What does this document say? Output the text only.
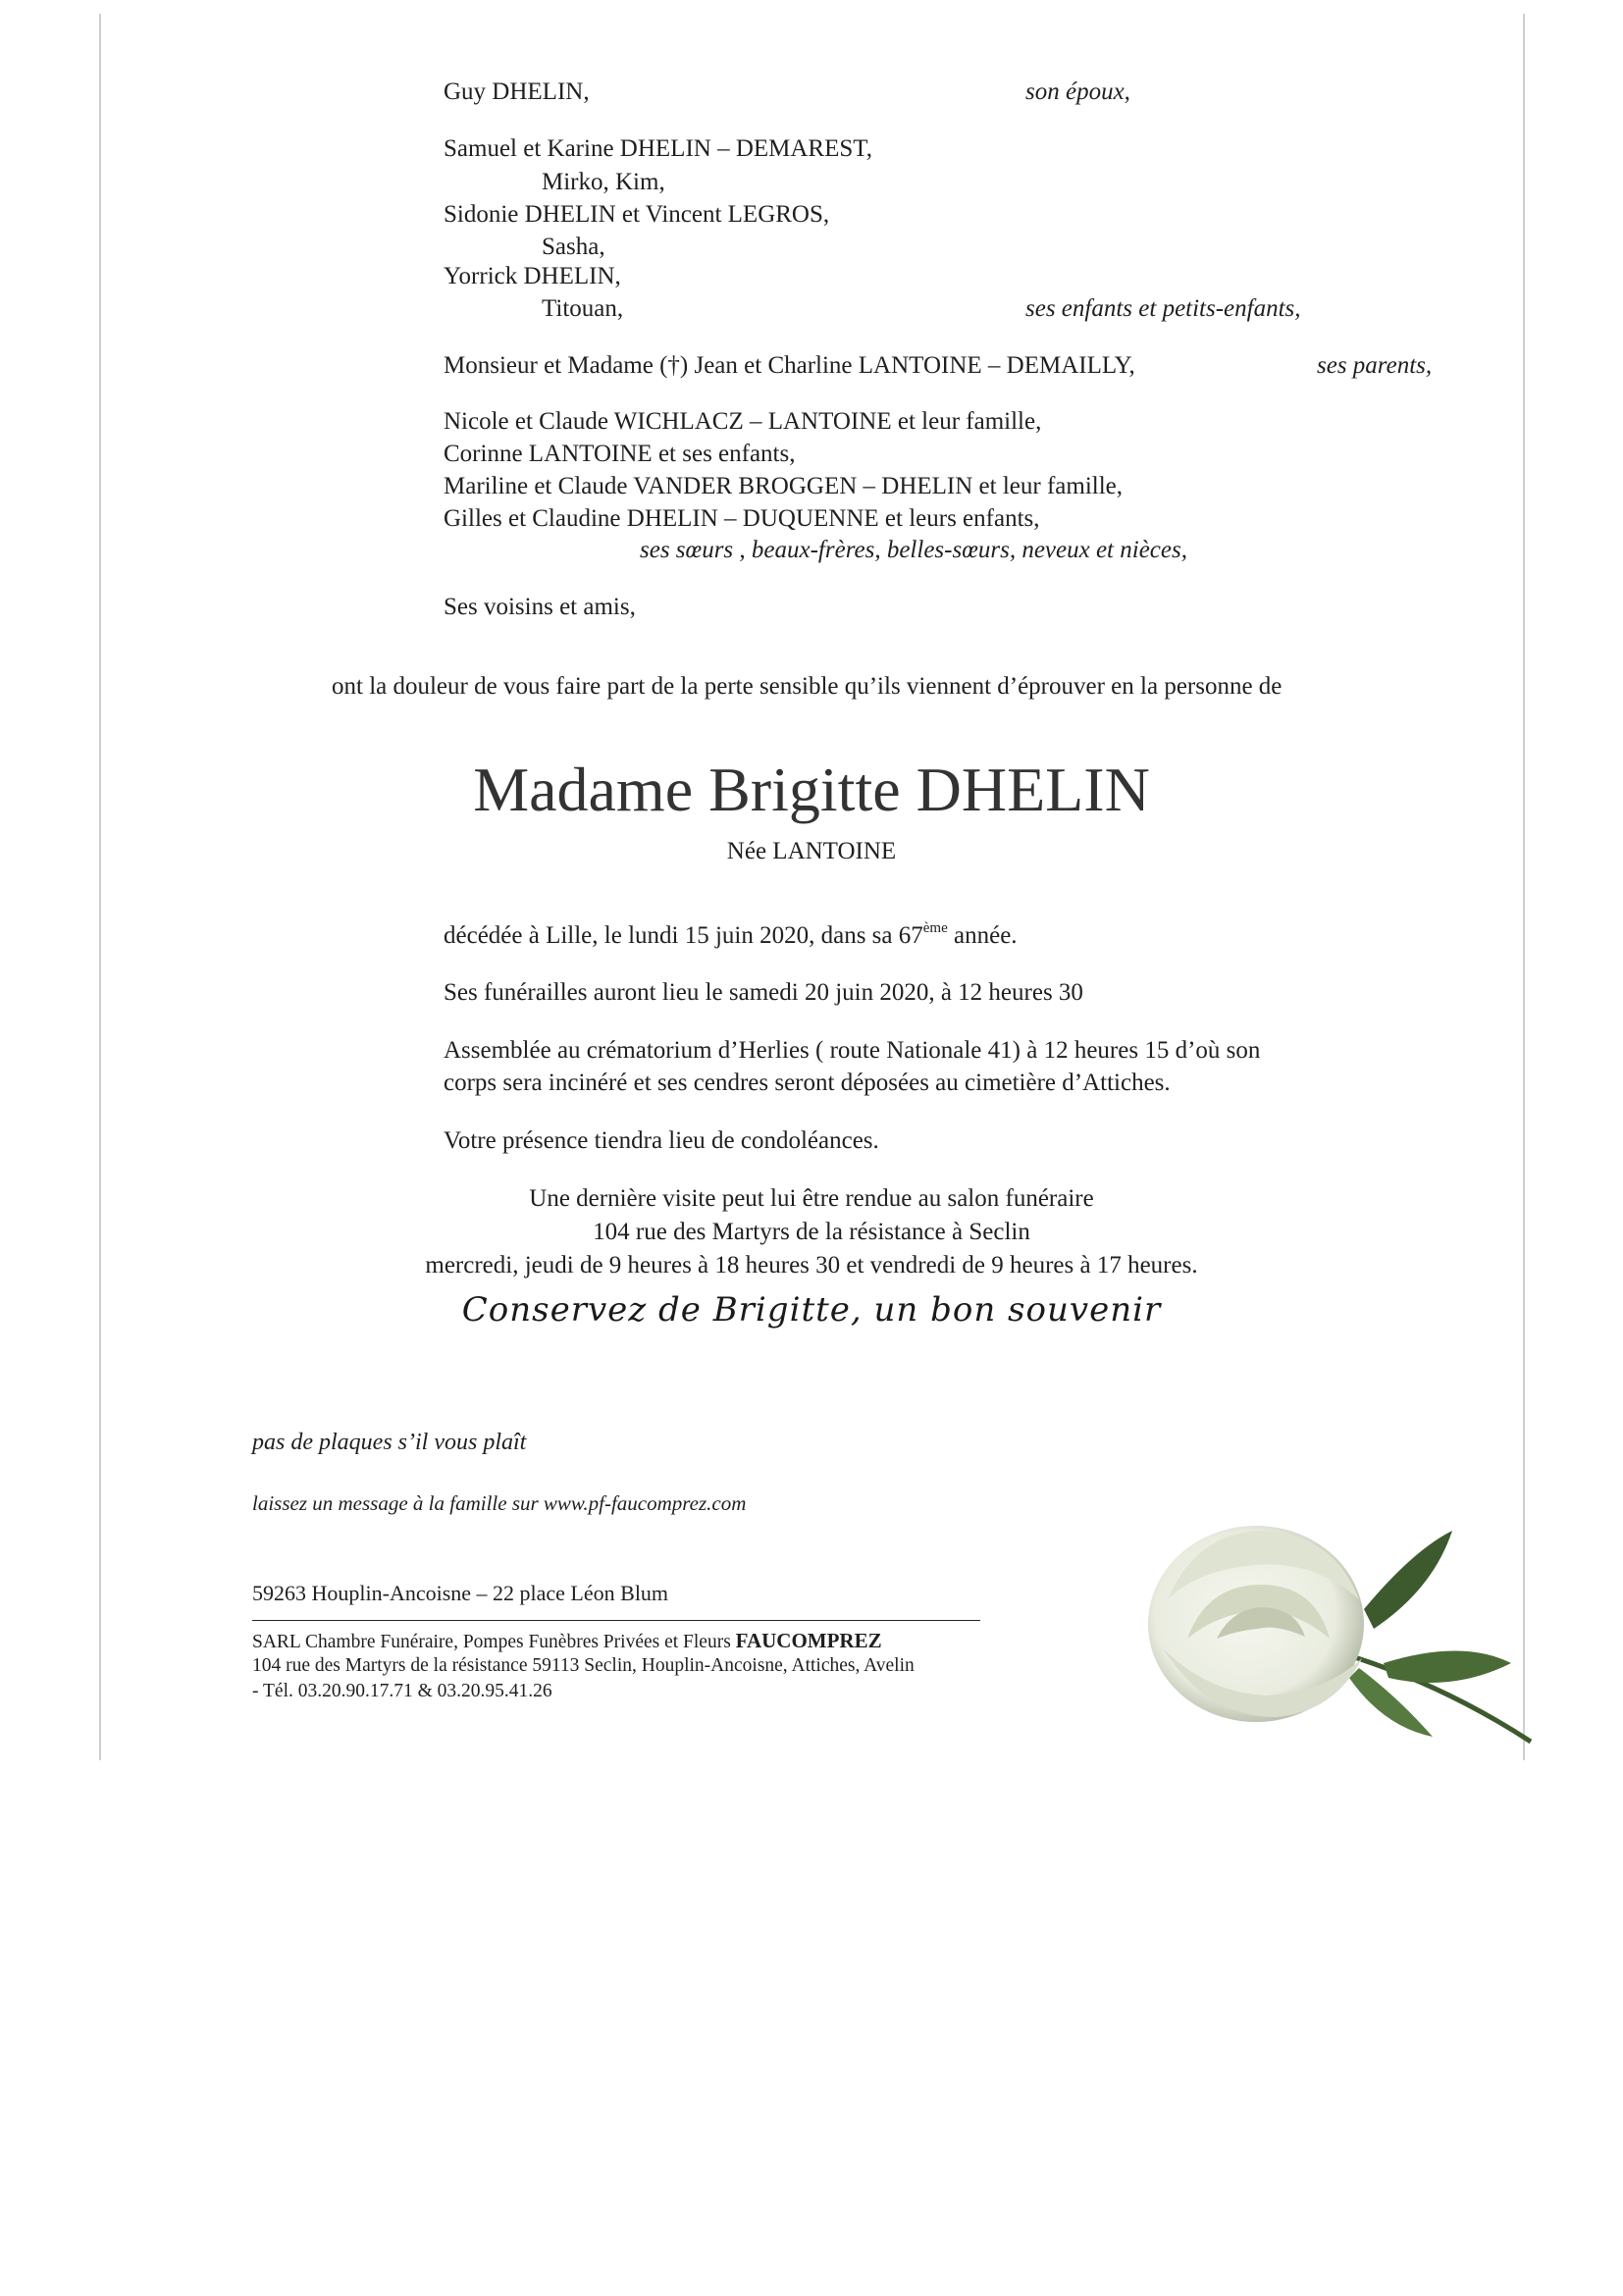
Guy DHELIN,	son époux,
Samuel et Karine DHELIN – DEMAREST,
Mirko, Kim,
Sidonie DHELIN et Vincent LEGROS,
Sasha,
Yorrick DHELIN,
Titouan,	ses enfants et petits-enfants,
Monsieur et Madame (†) Jean et Charline LANTOINE – DEMAILLY,	ses parents,
Nicole et Claude WICHLACZ – LANTOINE et leur famille,
Corinne LANTOINE et ses enfants,
Mariline et Claude VANDER BROGGEN – DHELIN et leur famille,
Gilles et Claudine DHELIN – DUQUENNE et leurs enfants,
ses sœurs , beaux-frères, belles-sœurs, neveux et nièces,
Ses voisins et amis,
ont la douleur de vous faire part de la perte sensible qu’ils viennent d’éprouver en la personne de
Madame Brigitte DHELIN
Née LANTOINE
décédée à Lille, le lundi 15 juin 2020, dans sa 67ème année.
Ses funérailles auront lieu le samedi 20 juin 2020, à 12 heures 30
Assemblée au crématorium d’Herlies ( route Nationale 41) à 12 heures 15 d’où son
corps sera incinéré et ses cendres seront déposées au cimetière d’Attiches.
Votre présence tiendra lieu de condoléances.
Une dernière visite peut lui être rendue au salon funéraire
104 rue des Martyrs de la résistance à Seclin
mercredi, jeudi de 9 heures à 18 heures 30 et vendredi de 9 heures à 17 heures.
Conservez de Brigitte, un bon souvenir
pas de plaques s’il vous plaît
laissez un message à la famille sur www.pf-faucomprez.com
59263 Houplin-Ancoisne – 22 place Léon Blum
SARL Chambre Funéraire, Pompes Funèbres Privées et Fleurs FAUCOMPREZ
104 rue des Martyrs de la résistance 59113 Seclin, Houplin-Ancoisne, Attiches, Avelin
- Tél. 03.20.90.17.71 & 03.20.95.41.26
